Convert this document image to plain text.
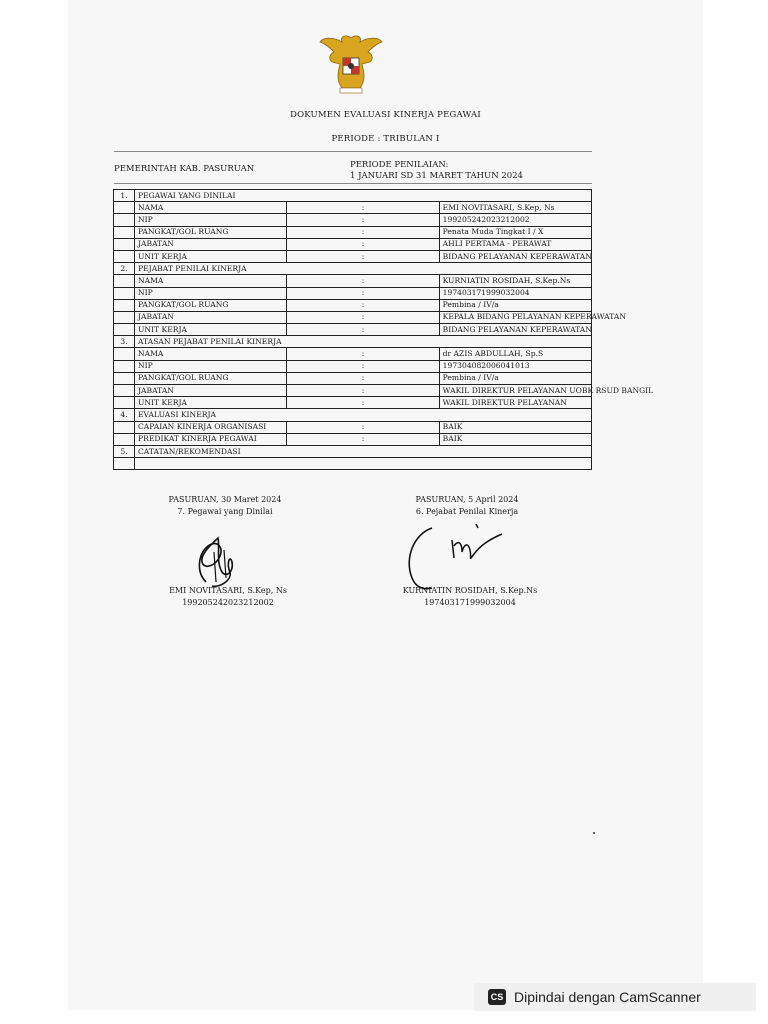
DOKUMEN EVALUASI KINERJA PEGAWAI
PERIODE : TRIBULAN I
PEMERINTAH KAB. PASURUAN	PERIODE PENILAIAN:
1 JANUARI SD 31 MARET TAHUN 2024
1.	PEGAWAI YANG DINILAI		
	NAMA	:	EMI NOVITASARI, S.Kep, Ns
	NIP	:	199205242023212002
	PANGKAT/GOL RUANG	:	Penata Muda Tingkat I / X
	JABATAN	:	AHLI PERTAMA - PERAWAT
	UNIT KERJA	:	BIDANG PELAYANAN KEPERAWATAN
2.	PEJABAT PENILAI KINERJA		
	NAMA	:	KURNIATIN ROSIDAH, S.Kep.Ns
	NIP	:	197403171999032004
	PANGKAT/GOL RUANG	:	Pembina / IV/a
	JABATAN	:	KEPALA BIDANG PELAYANAN KEPERAWATAN
	UNIT KERJA	:	BIDANG PELAYANAN KEPERAWATAN
3.	ATASAN PEJABAT PENILAI KINERJA		
	NAMA	:	dr AZIS ABDULLAH, Sp.S
	NIP	:	197304082006041013
	PANGKAT/GOL RUANG	:	Pembina / IV/a
	JABATAN	:	WAKIL DIREKTUR PELAYANAN UOBK RSUD BANGIL
	UNIT KERJA	:	WAKIL DIREKTUR PELAYANAN
4.	EVALUASI KINERJA		
	CAPAIAN KINERJA ORGANISASI	:	BAIK
	PREDIKAT KINERJA PEGAWAI	:	BAIK
5.	CATATAN/REKOMENDASI		

PASURUAN, 30 Maret 2024
7. Pegawai yang Dinilai
EMI NOVITASARI, S.Kep, Ns
199205242023212002
PASURUAN, 5 April 2024
6. Pejabat Penilai Kinerja
KURNIATIN ROSIDAH, S.Kep.Ns
197403171999032004
CS Dipindai dengan CamScanner
